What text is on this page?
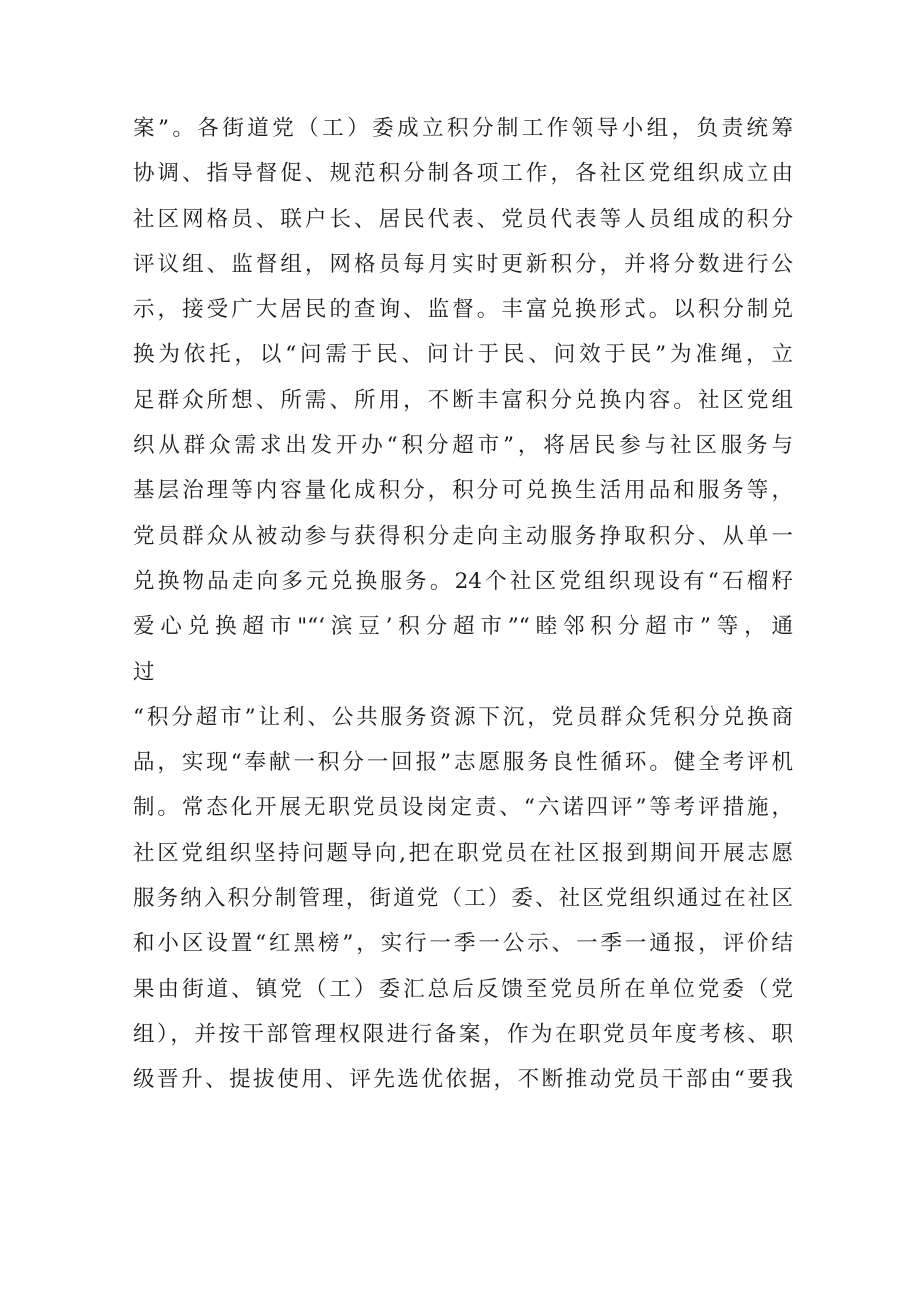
案”。各街道党（工）委成立积分制工作领导小组，负责统筹
协调、指导督促、规范积分制各项工作，各社区党组织成立由
社区网格员、联户长、居民代表、党员代表等人员组成的积分
评议组、监督组，网格员每月实时更新积分，并将分数进行公
示，接受广大居民的查询、监督。丰富兑换形式。以积分制兑
换为依托，以“问需于民、问计于民、问效于民”为准绳，立
足群众所想、所需、所用，不断丰富积分兑换内容。社区党组
织从群众需求出发开办“积分超市”，将居民参与社区服务与
基层治理等内容量化成积分，积分可兑换生活用品和服务等，
党员群众从被动参与获得积分走向主动服务挣取积分、从单一
兑换物品走向多元兑换服务。24个社区党组织现设有“石榴籽
爱心兑换超市"“‘滨豆’积分超市”“睦邻积分超市”等，通
过
“积分超市”让利、公共服务资源下沉，党员群众凭积分兑换商
品，实现“奉献一积分一回报”志愿服务良性循环。健全考评机
制。常态化开展无职党员设岗定责、“六诺四评”等考评措施，
社区党组织坚持问题导向,把在职党员在社区报到期间开展志愿
服务纳入积分制管理，街道党（工）委、社区党组织通过在社区
和小区设置“红黑榜”，实行一季一公示、一季一通报，评价结
果由街道、镇党（工）委汇总后反馈至党员所在单位党委（党
组），并按干部管理权限进行备案，作为在职党员年度考核、职
级晋升、提拔使用、评先选优依据，不断推动党员干部由“要我
